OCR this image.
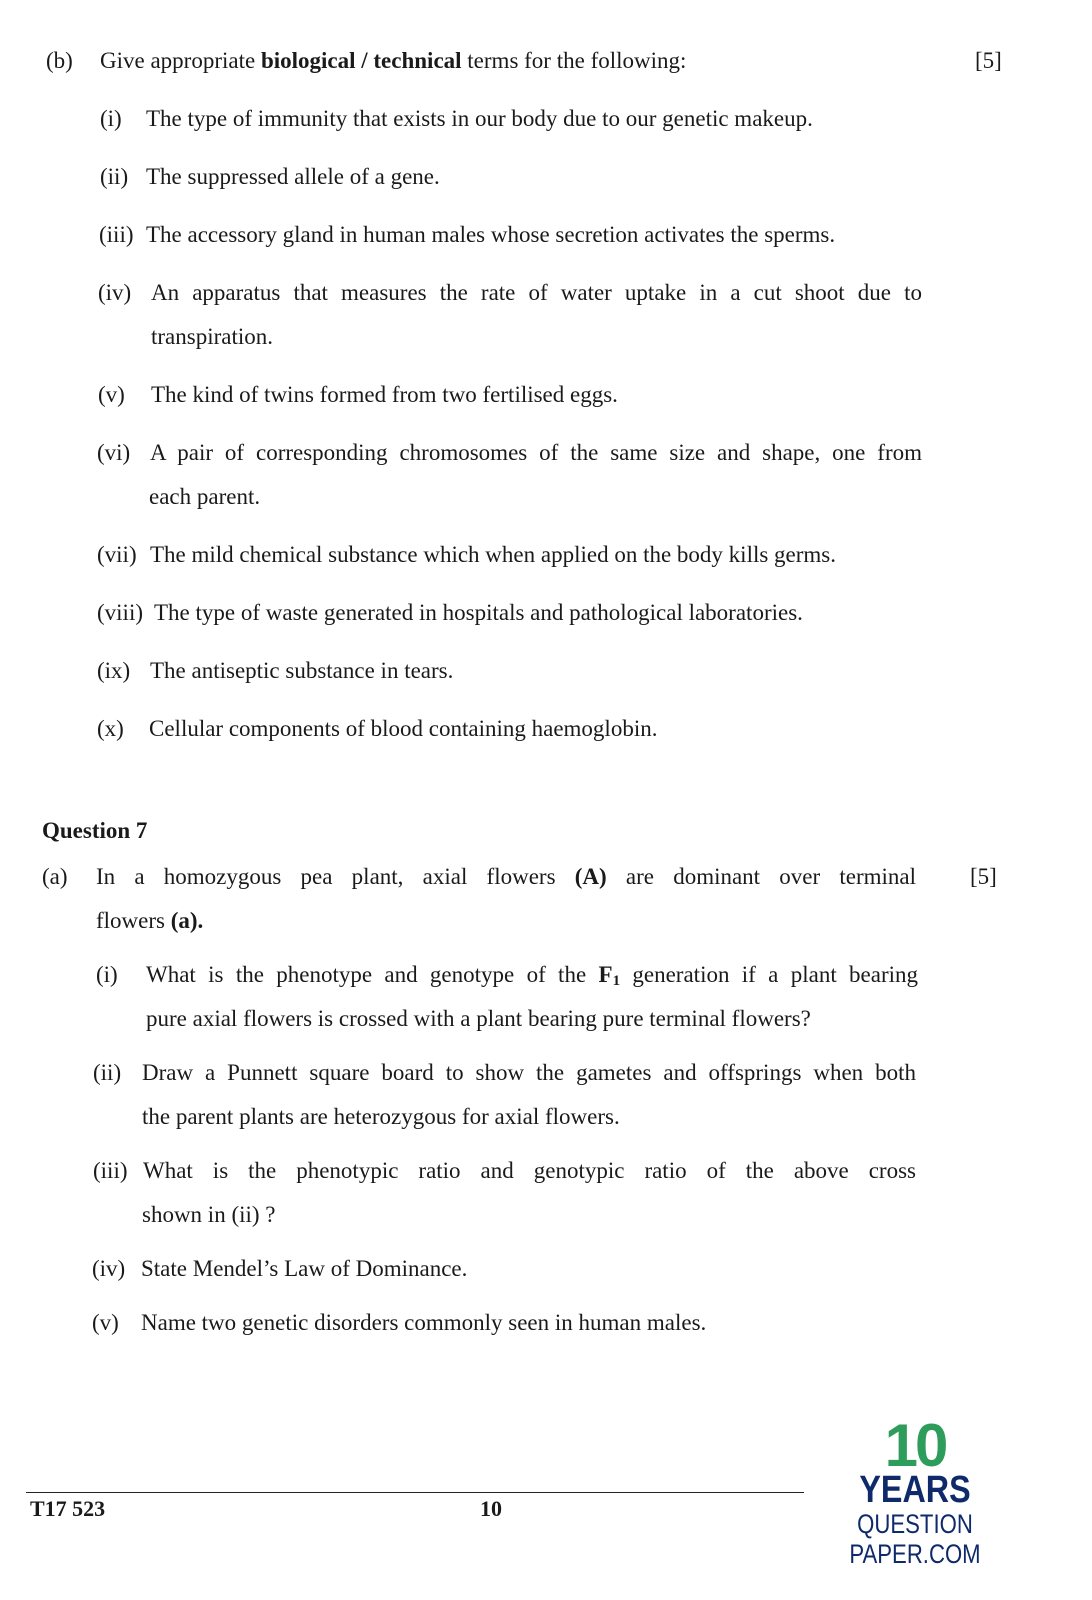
(b) Give appropriate biological / technical terms for the following:	[5]
(i) The type of immunity that exists in our body due to our genetic makeup.
(ii) The suppressed allele of a gene.
(iii) The accessory gland in human males whose secretion activates the sperms.
(iv) An apparatus that measures the rate of water uptake in a cut shoot due to
transpiration.
(v) The kind of twins formed from two fertilised eggs.
(vi) A pair of corresponding chromosomes of the same size and shape, one from
each parent.
(vii) The mild chemical substance which when applied on the body kills germs.
(viii) The type of waste generated in hospitals and pathological laboratories.
(ix) The antiseptic substance in tears.
(x) Cellular components of blood containing haemoglobin.
Question 7
(a) In a homozygous pea plant, axial flowers (A) are dominant over terminal
flowers (a).
[5]
(i) What is the phenotype and genotype of the F1 generation if a plant bearing
pure axial flowers is crossed with a plant bearing pure terminal flowers?
(ii) Draw a Punnett square board to show the gametes and offsprings when both
the parent plants are heterozygous for axial flowers.
(iii) What is the phenotypic ratio and genotypic ratio of the above cross
shown in (ii) ?
(iv) State Mendel’s Law of Dominance.
(v) Name two genetic disorders commonly seen in human males.
T17 523	10
10
YEARS
QUESTION PAPER.COM
